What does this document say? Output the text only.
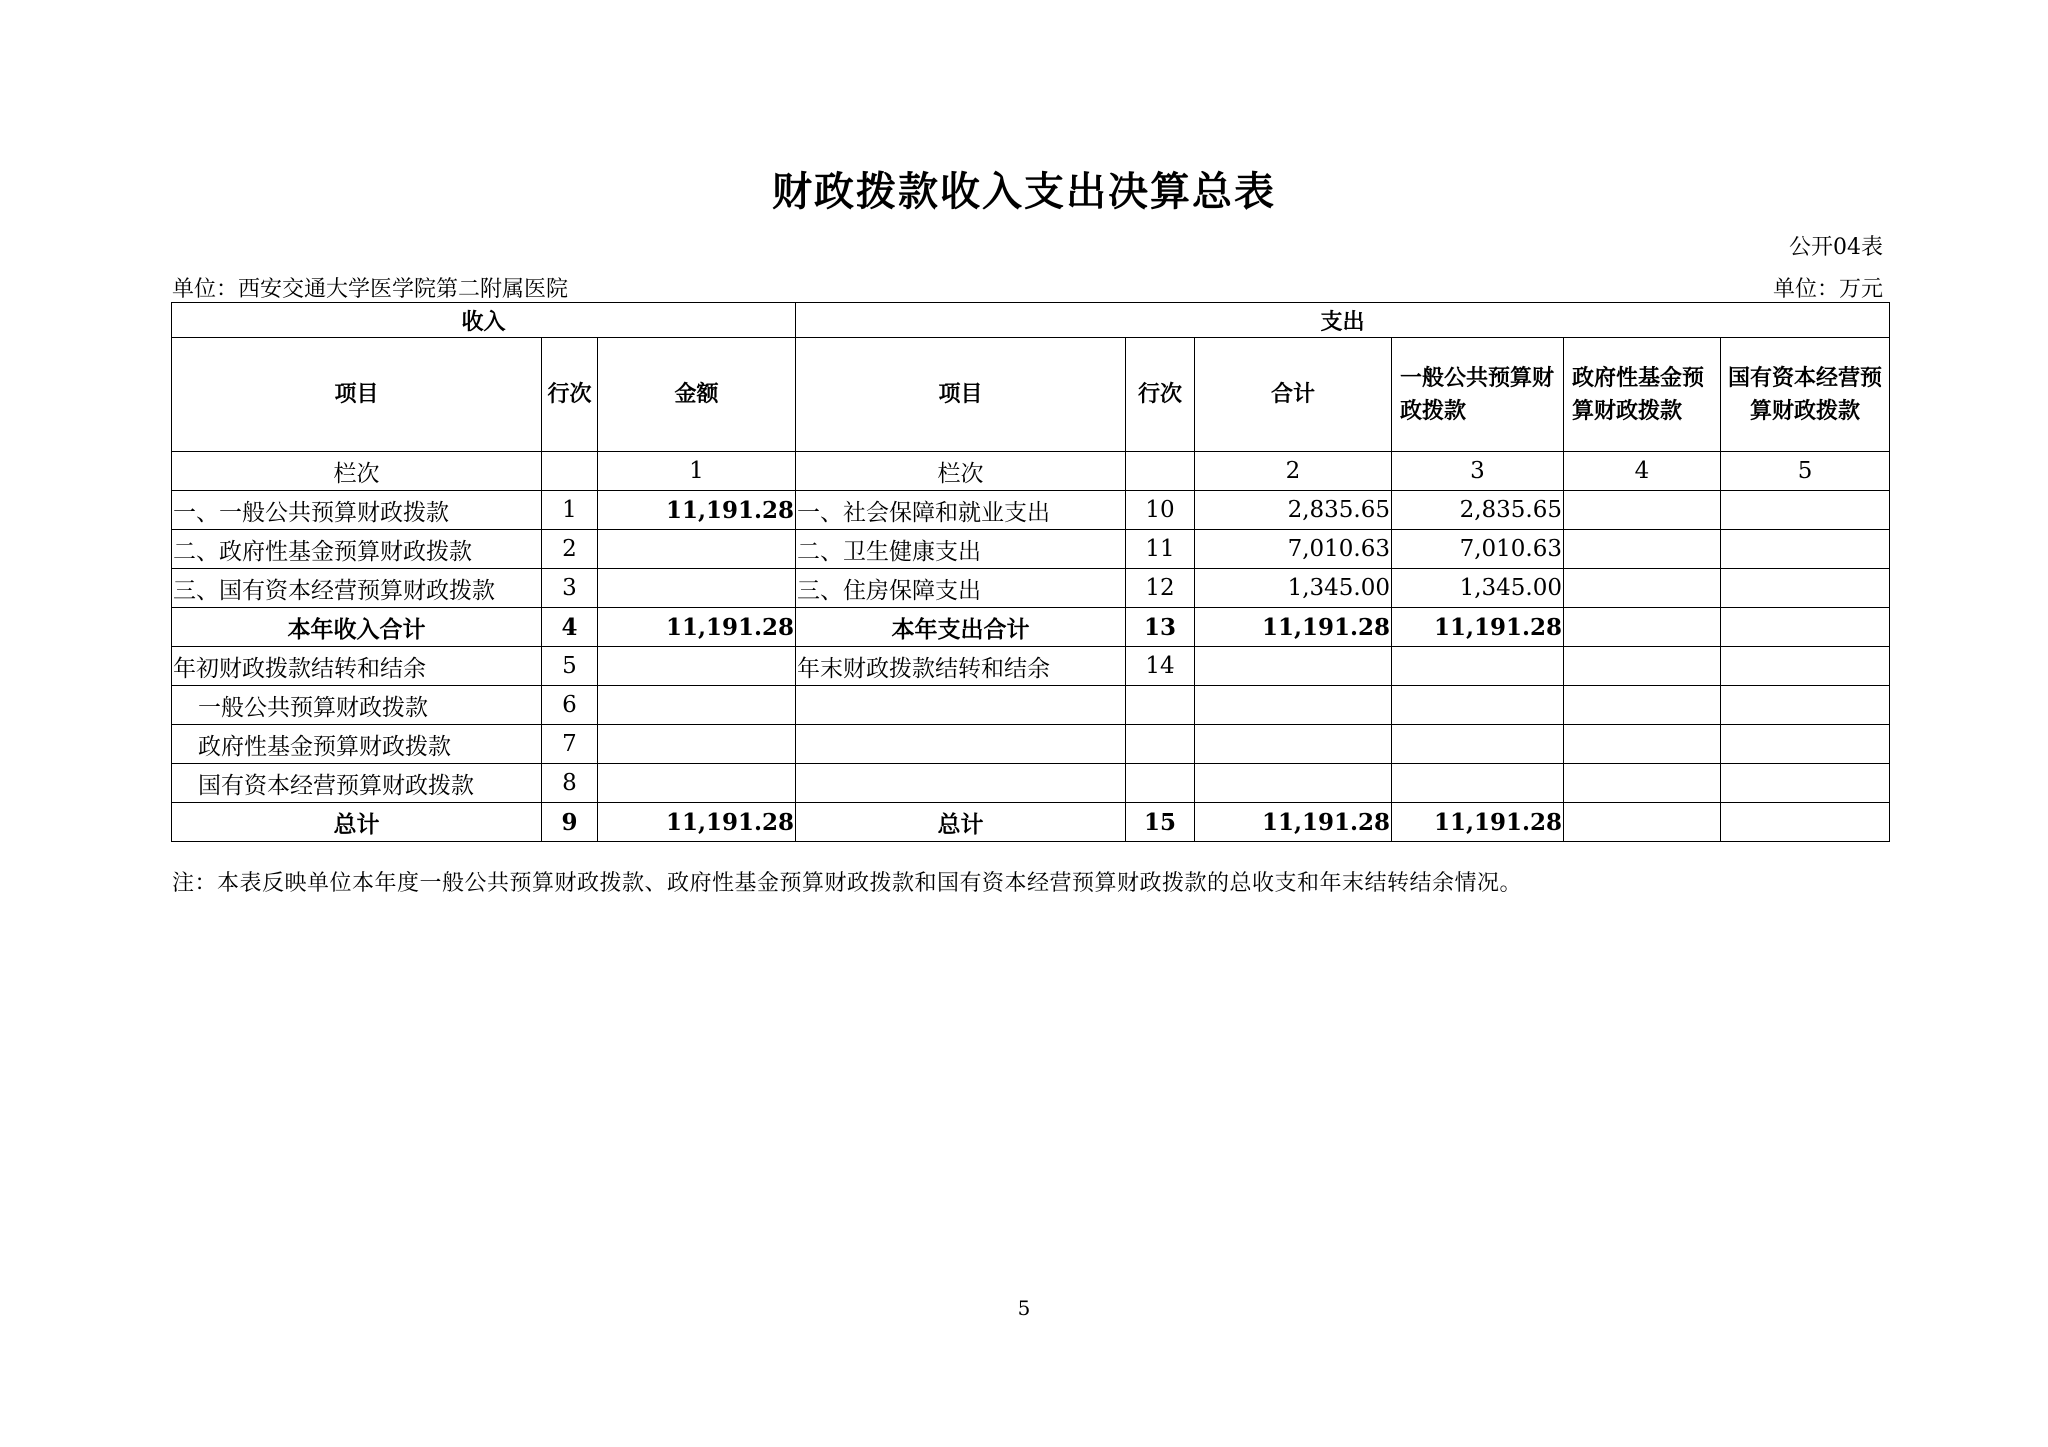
财政拨款收入支出决算总表
公开04表
单位：西安交通大学医学院第二附属医院	单位：万元
收入			支出					
项目	行次	金额	项目	行次	合计	一般公共预算财政拨款	政府性基金预算财政拨款	国有资本经营预算财政拨款
栏次		1	栏次		2	3	4	5
一、一般公共预算财政拨款	1	11,191.28	一、社会保障和就业支出	10	2,835.65	2,835.65		
二、政府性基金预算财政拨款	2		二、卫生健康支出	11	7,010.63	7,010.63		
三、国有资本经营预算财政拨款	3		三、住房保障支出	12	1,345.00	1,345.00		
本年收入合计	4	11,191.28	本年支出合计	13	11,191.28	11,191.28		
年初财政拨款结转和结余	5		年末财政拨款结转和结余	14				
一般公共预算财政拨款	6							
政府性基金预算财政拨款	7							
国有资本经营预算财政拨款	8							
总计	9	11,191.28	总计	15	11,191.28	11,191.28		
注：本表反映单位本年度一般公共预算财政拨款、政府性基金预算财政拨款和国有资本经营预算财政拨款的总收支和年末结转结余情况。
5
